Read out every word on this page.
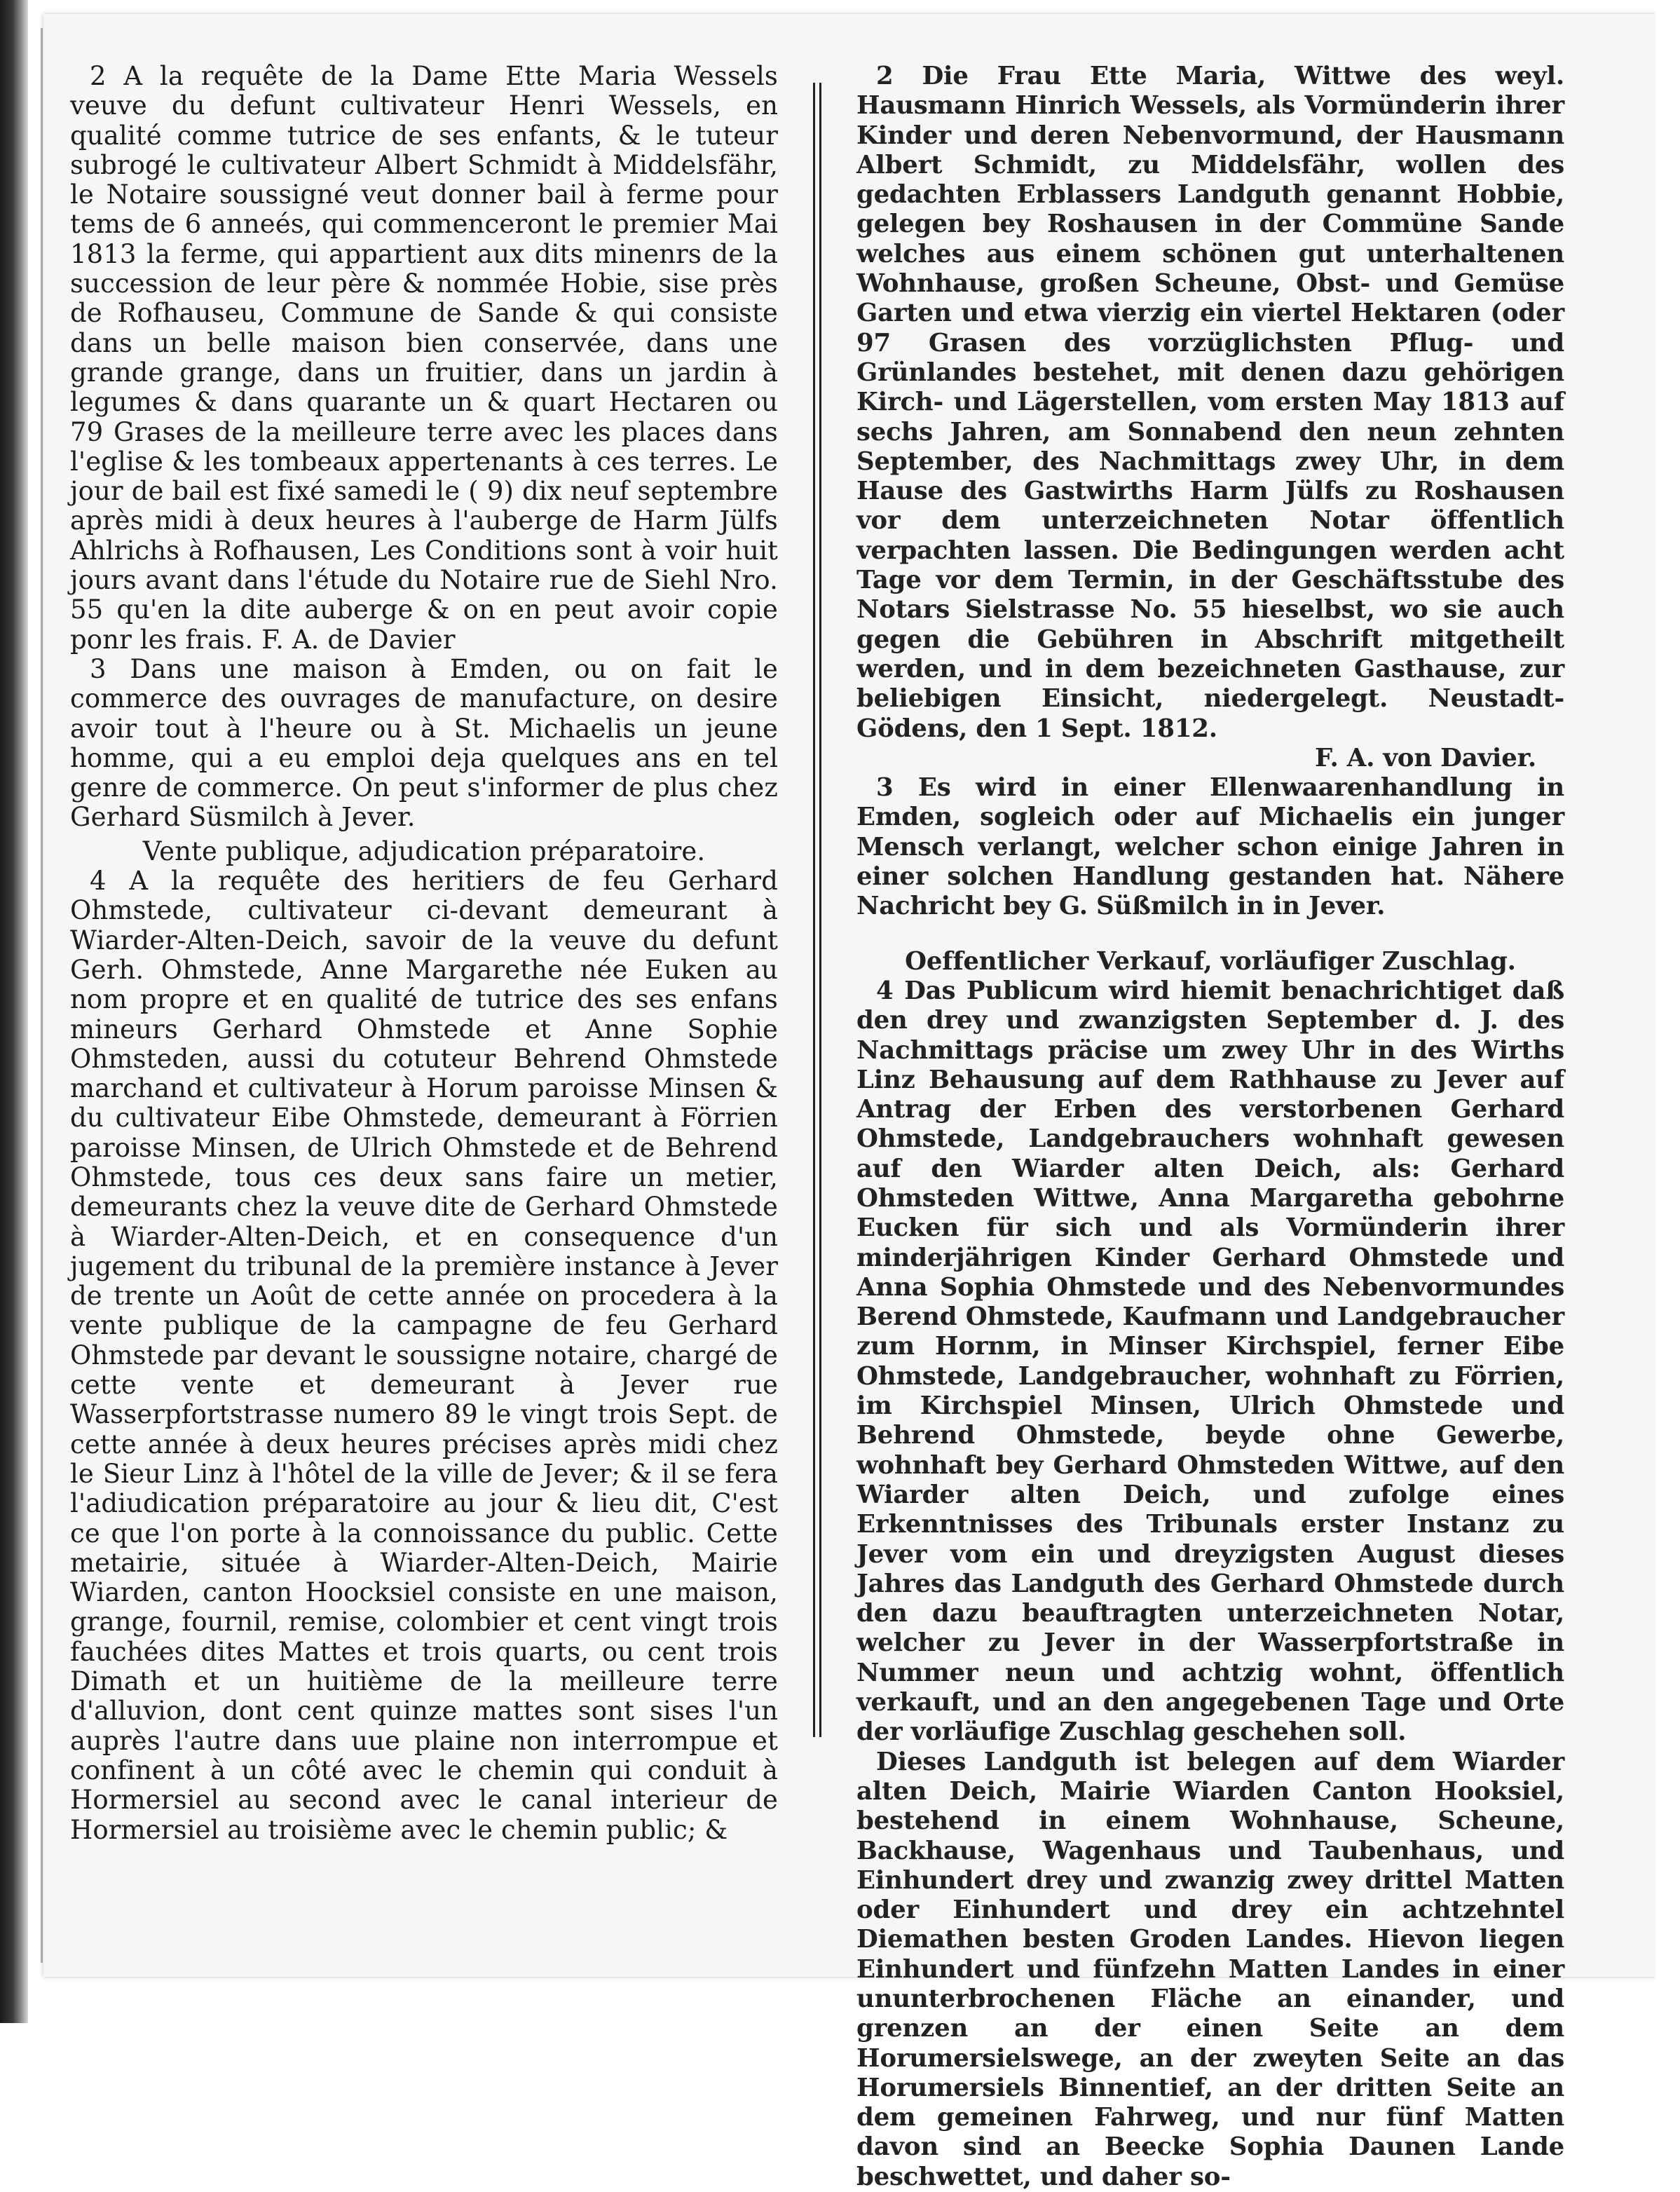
2 A la requête de la Dame Ette Maria Wessels veuve du defunt cultivateur Henri Wessels, en qualité comme tutrice de ses enfants, & le tuteur subrogé le cultivateur Albert Schmidt à Middelsfähr, le Notaire soussigné veut donner bail à ferme pour tems de 6 anneés, qui commenceront le premier Mai 1813 la ferme, qui appartient aux dits minenrs de la succession de leur père & nommée Hobie, sise près de Rofhauseu, Commune de Sande & qui consiste dans un belle maison bien conservée, dans une grande grange, dans un fruitier, dans un jardin à legumes & dans quarante un & quart Hectaren ou 79 Grases de la meilleure terre avec les places dans l'eglise & les tombeaux appertenants à ces terres. Le jour de bail est fixé samedi le ( 9) dix neuf septembre après midi à deux heures à l'auberge de Harm Jülfs Ahlrichs à Rofhausen, Les Conditions sont à voir huit jours avant dans l'étude du Notaire rue de Siehl Nro. 55 qu'en la dite auberge & on en peut avoir copie ponr les frais. F. A. de Davier

3 Dans une maison à Emden, ou on fait le commerce des ouvrages de manufacture, on desire avoir tout à l'heure ou à St. Michaelis un jeune homme, qui a eu emploi deja quelques ans en tel genre de commerce. On peut s'informer de plus chez Gerhard Süsmilch à Jever.

Vente publique, adjudication préparatoire.

4 A la requête des heritiers de feu Gerhard Ohmstede, cultivateur ci-devant demeurant à Wiarder-Alten-Deich, savoir de la veuve du defunt Gerh. Ohmstede, Anne Margarethe née Euken au nom propre et en qualité de tutrice des ses enfans mineurs Gerhard Ohmstede et Anne Sophie Ohmsteden, aussi du cotuteur Behrend Ohmstede marchand et cultivateur à Horum paroisse Minsen & du cultivateur Eibe Ohmstede, demeurant à Förrien paroisse Minsen, de Ulrich Ohmstede et de Behrend Ohmstede, tous ces deux sans faire un metier, demeurants chez la veuve dite de Gerhard Ohmstede à Wiarder-Alten-Deich, et en consequence d'un jugement du tribunal de la première instance à Jever de trente un Août de cette année on procedera à la vente publique de la campagne de feu Gerhard Ohmstede par devant le soussigne notaire, chargé de cette vente et demeurant à Jever rue Wasserpfortstrasse numero 89 le vingt trois Sept. de cette année à deux heures précises après midi chez le Sieur Linz à l'hôtel de la ville de Jever; & il se fera l'adiudication préparatoire au jour & lieu dit, C'est ce que l'on porte à la connoissance du public. Cette metairie, située à Wiarder-Alten-Deich, Mairie Wiarden, canton Hoocksiel consiste en une maison, grange, fournil, remise, colombier et cent vingt trois fauchées dites Mattes et trois quarts, ou cent trois Dimath et un huitième de la meilleure terre d'alluvion, dont cent quinze mattes sont sises l'un auprès l'autre dans uue plaine non interrompue et confinent à un côté avec le chemin qui conduit à Hormersiel au second avec le canal interieur de Hormersiel au troisième avec le chemin public; &

2 Die Frau Ette Maria, Wittwe des weyl. Hausmann Hinrich Wessels, als Vormünderin ihrer Kinder und deren Nebenvormund, der Hausmann Albert Schmidt, zu Middelsfähr, wollen des gedachten Erblassers Landguth genannt Hobbie, gelegen bey Roshausen in der Commüne Sande welches aus einem schönen gut unterhaltenen Wohnhause, großen Scheune, Obst- und Gemüse Garten und etwa vierzig ein viertel Hektaren (oder 97 Grasen des vorzüglichsten Pflug- und Grünlandes bestehet, mit denen dazu gehörigen Kirch- und Lägerstellen, vom ersten May 1813 auf sechs Jahren, am Sonnabend den neun zehnten September, des Nachmittags zwey Uhr, in dem Hause des Gastwirths Harm Jülfs zu Roshausen vor dem unterzeichneten Notar öffentlich verpachten lassen. Die Bedingungen werden acht Tage vor dem Termin, in der Geschäftsstube des Notars Sielstrasse No. 55 hieselbst, wo sie auch gegen die Gebühren in Abschrift mitgetheilt werden, und in dem bezeichneten Gasthause, zur beliebigen Einsicht, niedergelegt. Neustadt-Gödens, den 1 Sept. 1812.

F. A. von Davier.

3 Es wird in einer Ellenwaarenhandlung in Emden, sogleich oder auf Michaelis ein junger Mensch verlangt, welcher schon einige Jahren in einer solchen Handlung gestanden hat. Nähere Nachricht bey G. Süßmilch in in Jever.

Oeffentlicher Verkauf, vorläufiger Zuschlag.

4 Das Publicum wird hiemit benachrichtiget daß den drey und zwanzigsten September d. J. des Nachmittags präcise um zwey Uhr in des Wirths Linz Behausung auf dem Rathhause zu Jever auf Antrag der Erben des verstorbenen Gerhard Ohmstede, Landgebrauchers wohnhaft gewesen auf den Wiarder alten Deich, als: Gerhard Ohmsteden Wittwe, Anna Margaretha gebohrne Eucken für sich und als Vormünderin ihrer minderjährigen Kinder Gerhard Ohmstede und Anna Sophia Ohmstede und des Nebenvormundes Berend Ohmstede, Kaufmann und Landgebraucher zum Hornm, in Minser Kirchspiel, ferner Eibe Ohmstede, Landgebraucher, wohnhaft zu Förrien, im Kirchspiel Minsen, Ulrich Ohmstede und Behrend Ohmstede, beyde ohne Gewerbe, wohnhaft bey Gerhard Ohmsteden Wittwe, auf den Wiarder alten Deich, und zufolge eines Erkenntnisses des Tribunals erster Instanz zu Jever vom ein und dreyzigsten August dieses Jahres das Landguth des Gerhard Ohmstede durch den dazu beauftragten unterzeichneten Notar, welcher zu Jever in der Wasserpfortstraße in Nummer neun und achtzig wohnt, öffentlich verkauft, und an den angegebenen Tage und Orte der vorläufige Zuschlag geschehen soll.

Dieses Landguth ist belegen auf dem Wiarder alten Deich, Mairie Wiarden Canton Hooksiel, bestehend in einem Wohnhause, Scheune, Backhause, Wagenhaus und Taubenhaus, und Einhundert drey und zwanzig zwey drittel Matten oder Einhundert und drey ein achtzehntel Diemathen besten Groden Landes. Hievon liegen Einhundert und fünfzehn Matten Landes in einer ununterbrochenen Fläche an einander, und grenzen an der einen Seite an dem Horumersielswege, an der zweyten Seite an das Horumersiels Binnentief, an der dritten Seite an dem gemeinen Fahrweg, und nur fünf Matten davon sind an Beecke Sophia Daunen Lande beschwettet, und daher so-
